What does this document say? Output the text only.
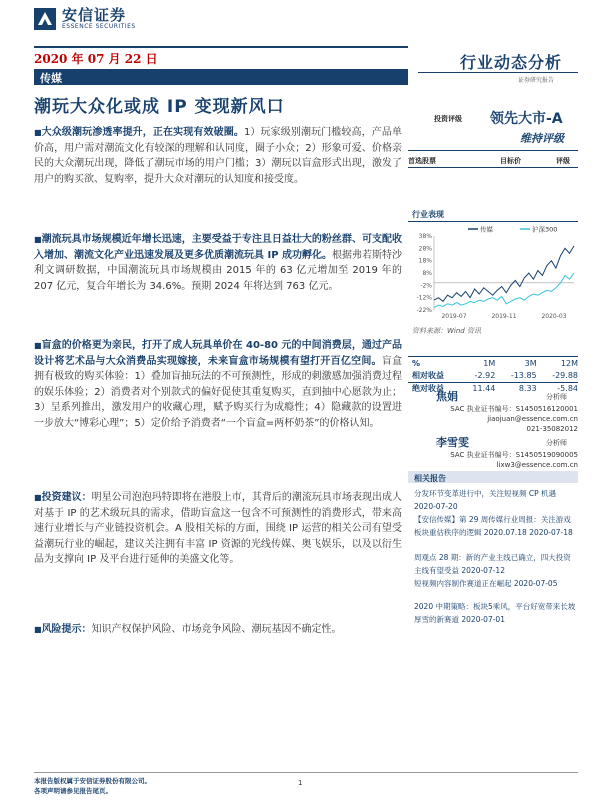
安信证券
ESSENCE SECURITIES
2020 年 07 月 22 日
传媒
行业动态分析
证券研究报告
潮玩大众化或成 IP 变现新风口
■大众级潮玩渗透率提升，正在实现有效破圈。1）玩家级别潮玩门槛较高，产品单价高，用户需对潮流文化有较深的理解和认同度，圈子小众；2）形象可爱、价格亲民的大众潮玩出现，降低了潮玩市场的用户门槛；3）潮玩以盲盒形式出现，激发了用户的购买欲、复购率，提升大众对潮玩的认知度和接受度。
■潮流玩具市场规模近年增长迅速，主要受益于专注且日益壮大的粉丝群、可支配收入增加、潮流文化产业迅速发展及更多优质潮流玩具 IP 成功孵化。根据弗若斯特沙利文调研数据，中国潮流玩具市场规模由 2015 年的 63 亿元增加至 2019 年的 207 亿元，复合年增长为 34.6%。预期 2024 年将达到 763 亿元。
■盲盒的价格更为亲民，打开了成人玩具单价在 40-80 元的中间消费层，通过产品设计将艺术品与大众消费品实现嫁接，未来盲盒市场规模有望打开百亿空间。盲盒拥有极致的购买体验：1）叠加盲抽玩法的不可预测性，形成的刺激感加强消费过程的娱乐体验；2）消费者对个别款式的偏好促使其重复购买，直到抽中心愿款为止；3）呈系列推出，激发用户的收藏心理，赋予购买行为成瘾性；4）隐藏款的设置进一步放大“博彩心理”；5）定价给予消费者“一个盲盒=两杯奶茶”的价格认知。
■投资建议：明星公司泡泡玛特即将在港股上市，其背后的潮流玩具市场表现出成人对基于 IP 的艺术级玩具的需求，借助盲盒这一包含不可预测性的消费形式，带来高速行业增长与产业链投资机会。A 股相关标的方面，围绕 IP 运营的相关公司有望受益潮玩行业的崛起，建议关注拥有丰富 IP 资源的光线传媒、奥飞娱乐，以及以衍生品为支撑向 IP 及平台进行延伸的美盛文化等。
■风险提示：知识产权保护风险、市场竞争风险、潮玩基因不确定性。
投资评级 领先大市-A
维持评级
首选股票	目标价	评级
行业表现
传媒	沪深300
38%
28%
18%
8%
-2%
-12%
-22%
2019-07	2019-11	2020-03
资料来源：Wind 资讯
%	1M	3M	12M
相对收益	-2.92	-13.85	-29.88
绝对收益	11.44	8.33	-5.84
焦娟	分析师
SAC 执业证书编号：S1450516120001
jiaojuan@essence.com.cn
021-35082012
李雪雯	分析师
SAC 执业证书编号：S1450519090005
lixw3@essence.com.cn
相关报告
分发环节变革进行中，关注短视频 CP 机遇 2020-07-20
【安信传媒】第 29 周传媒行业周报：关注游戏板块重估秩序的逻辑 2020.07.18 2020-07-18
周观点 28 期：新的产业主线已确立，四大投资主线有望受益 2020-07-12
短视频内容制作赛道正在崛起 2020-07-05
2020 中期策略：板块5乘风，平台好宽带来长坡厚雪的新赛道 2020-07-01
本报告版权属于安信证券股份有限公司。
各项声明请参见报告尾页。
1
